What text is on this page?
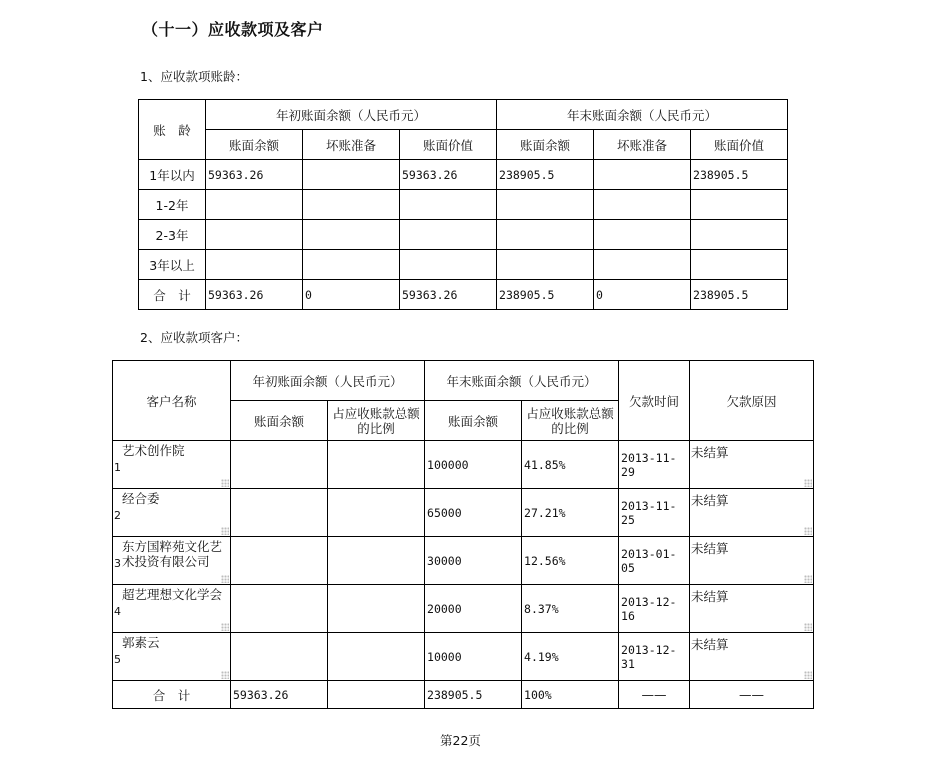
（十一）应收款项及客户
1、应收款项账龄：
账　龄	年初账面余额（人民币元）			年末账面余额（人民币元）		
	账面余额	坏账准备	账面价值	账面余额	坏账准备	账面价值
1年以内	59363.26		59363.26	238905.5		238905.5
1-2年						
2-3年						
3年以上						
合　计	59363.26	0	59363.26	238905.5	0	238905.5
2、应收款项客户：
客户名称	年初账面余额（人民币元）		年末账面余额（人民币元）		欠款时间	欠款原因
	账面余额	占应收账款总额的比例	账面余额	占应收账款总额的比例		

1
艺术创作院			100000	41.85%	2013-11-29	未结算

2
经合委			65000	27.21%	2013-11-25	未结算

3
东方国粹苑文化艺术投资有限公司			30000	12.56%	2013-01-05	未结算

4
超艺理想文化学会			20000	8.37%	2013-12-16	未结算

5
郭素云			10000	4.19%	2013-12-31	未结算

合　计	59363.26		238905.5	100%	——	——
第22页
